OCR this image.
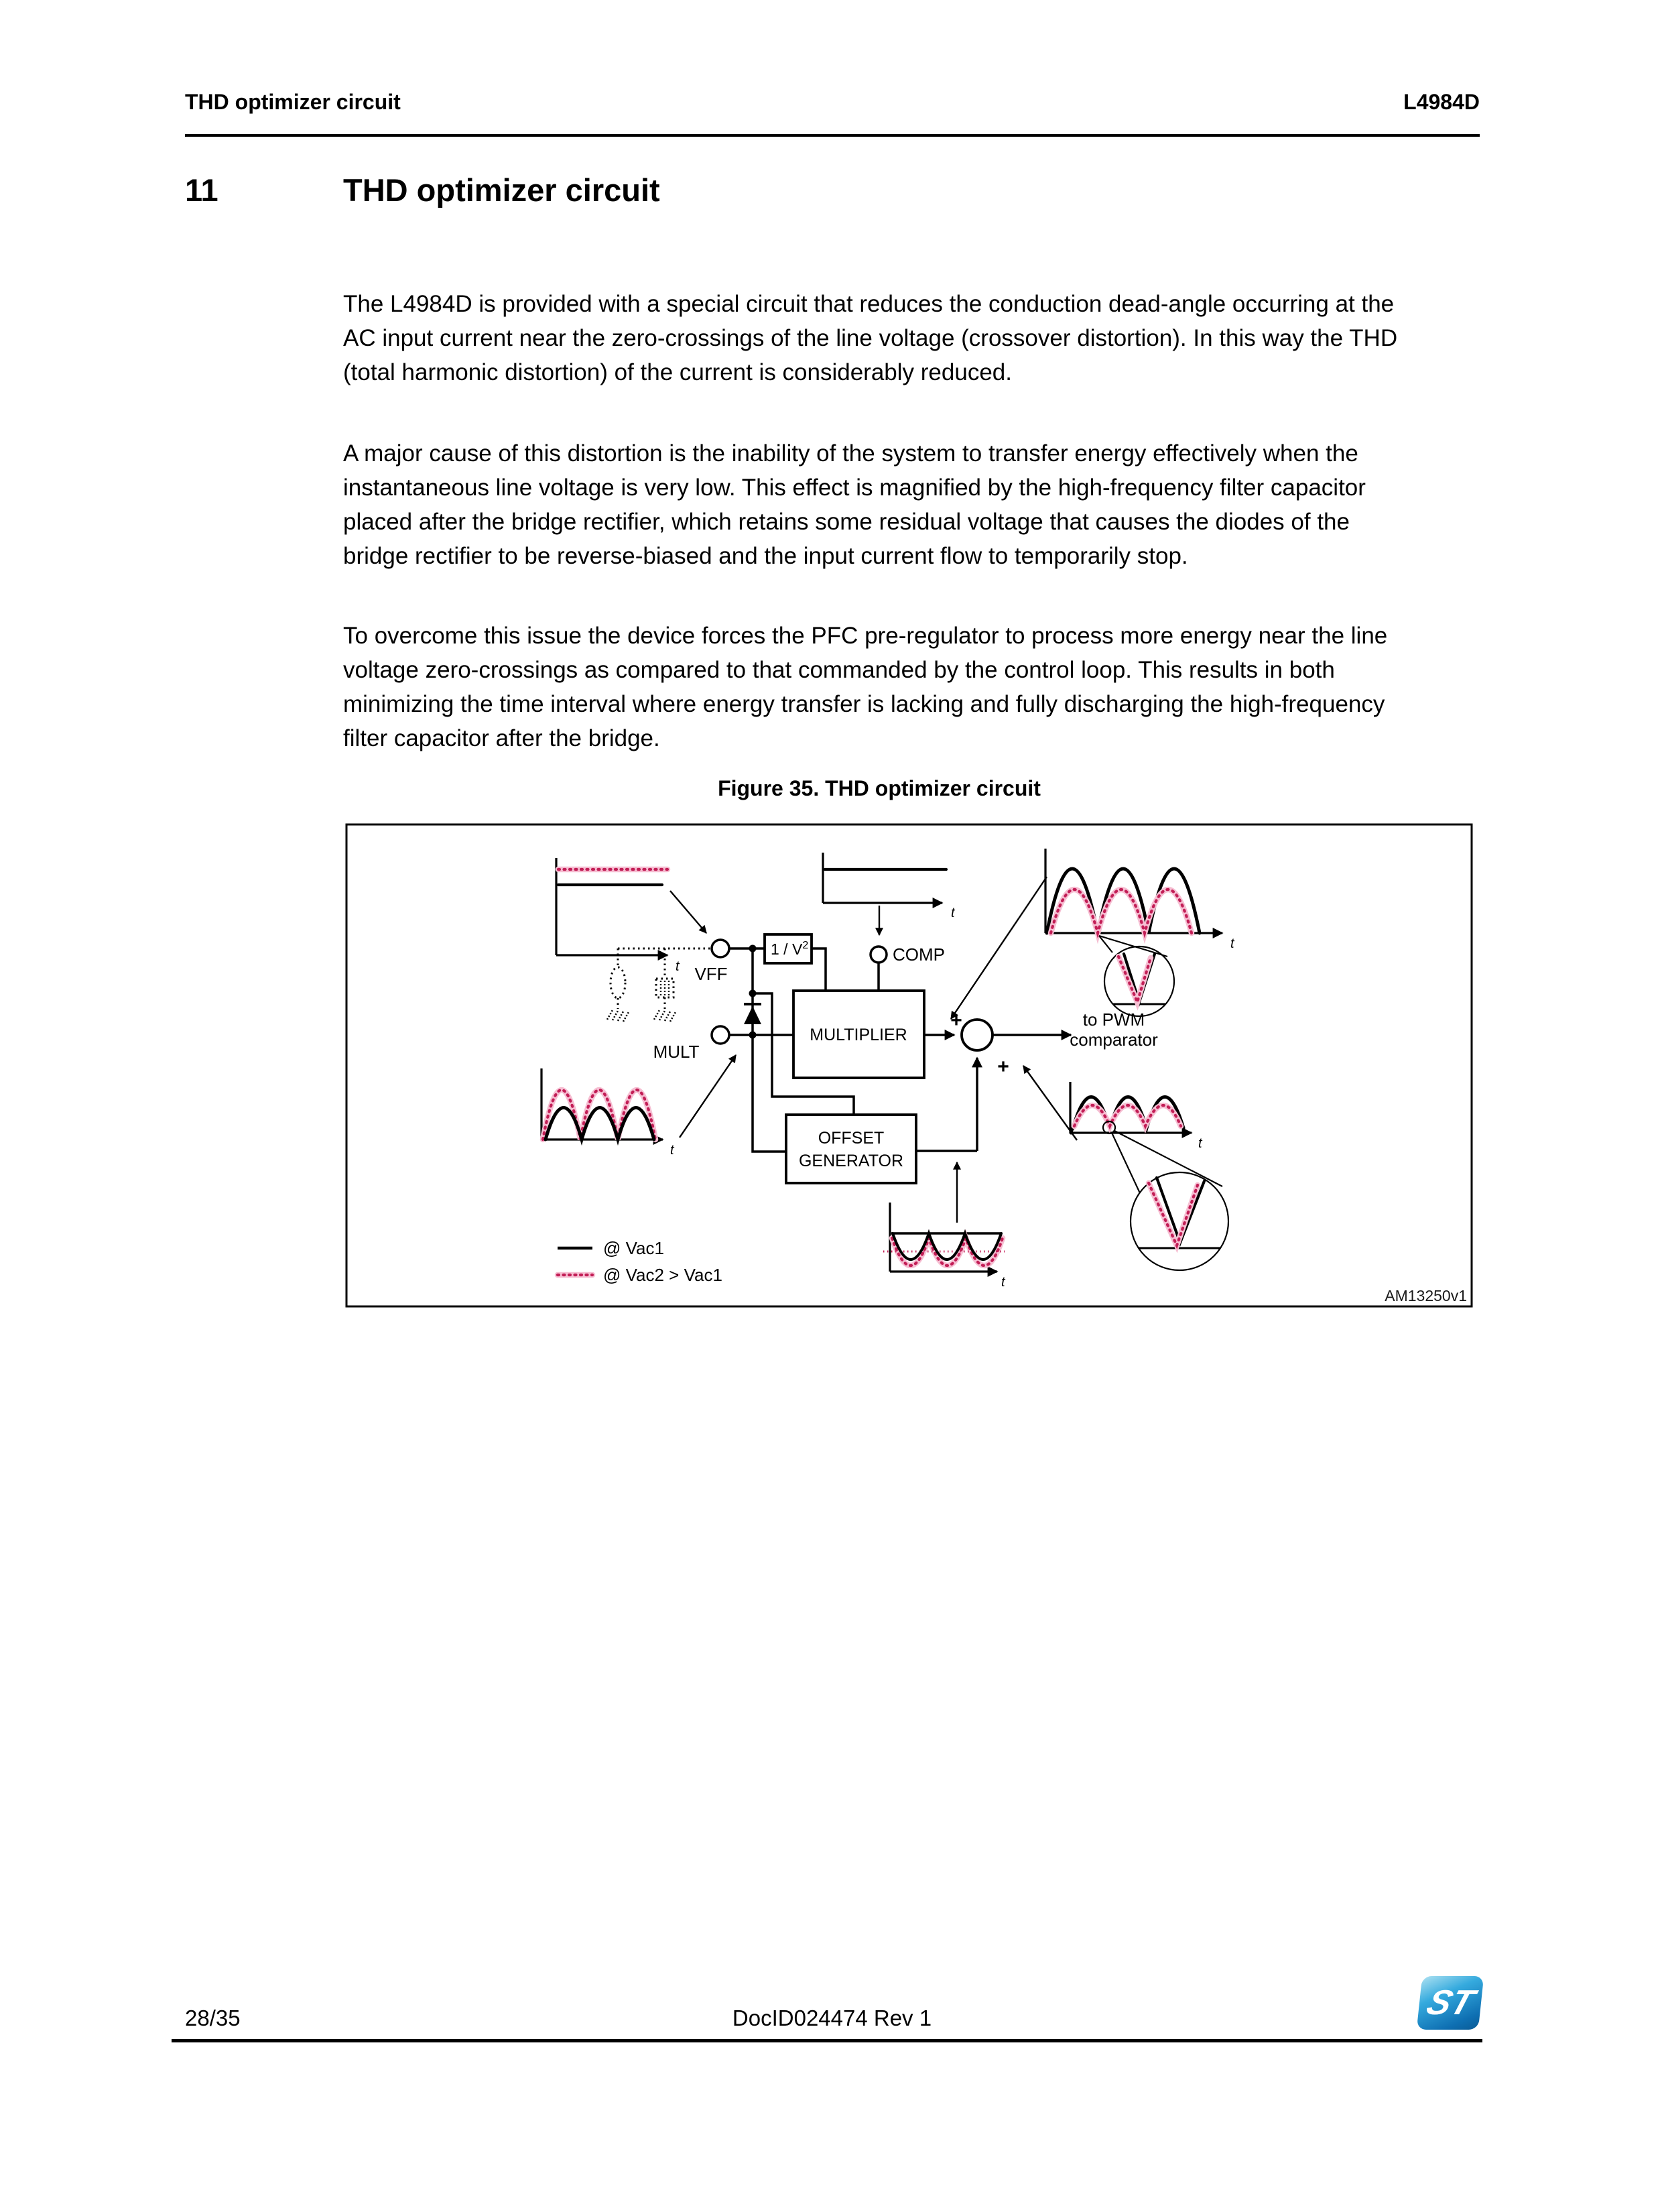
THD optimizer circuit	L4984D
11	THD optimizer circuit
The L4984D is provided with a special circuit that reduces the conduction dead-angle occurring at the AC input current near the zero-crossings of the line voltage (crossover distortion). In this way the THD (total harmonic distortion) of the current is considerably reduced.
A major cause of this distortion is the inability of the system to transfer energy effectively when the instantaneous line voltage is very low. This effect is magnified by the high-frequency filter capacitor placed after the bridge rectifier, which retains some residual voltage that causes the diodes of the bridge rectifier to be reverse-biased and the input current flow to temporarily stop.
To overcome this issue the device forces the PFC pre-regulator to process more energy near the line voltage zero-crossings as compared to that commanded by the control loop. This results in both minimizing the time interval where energy transfer is lacking and fully discharging the high-frequency filter capacitor after the bridge.
Figure 35. THD optimizer circuit
t VFF
MULT
COMP
$1 / V^2$
MULTIPLIER
OFFSET
GENERATOR
+
+
to PWM
comparator
t
t
t
t
t
@ Vac1
@ Vac2 > Vac1
AM13250v1
28/35	DocID024474 Rev 1	ST
